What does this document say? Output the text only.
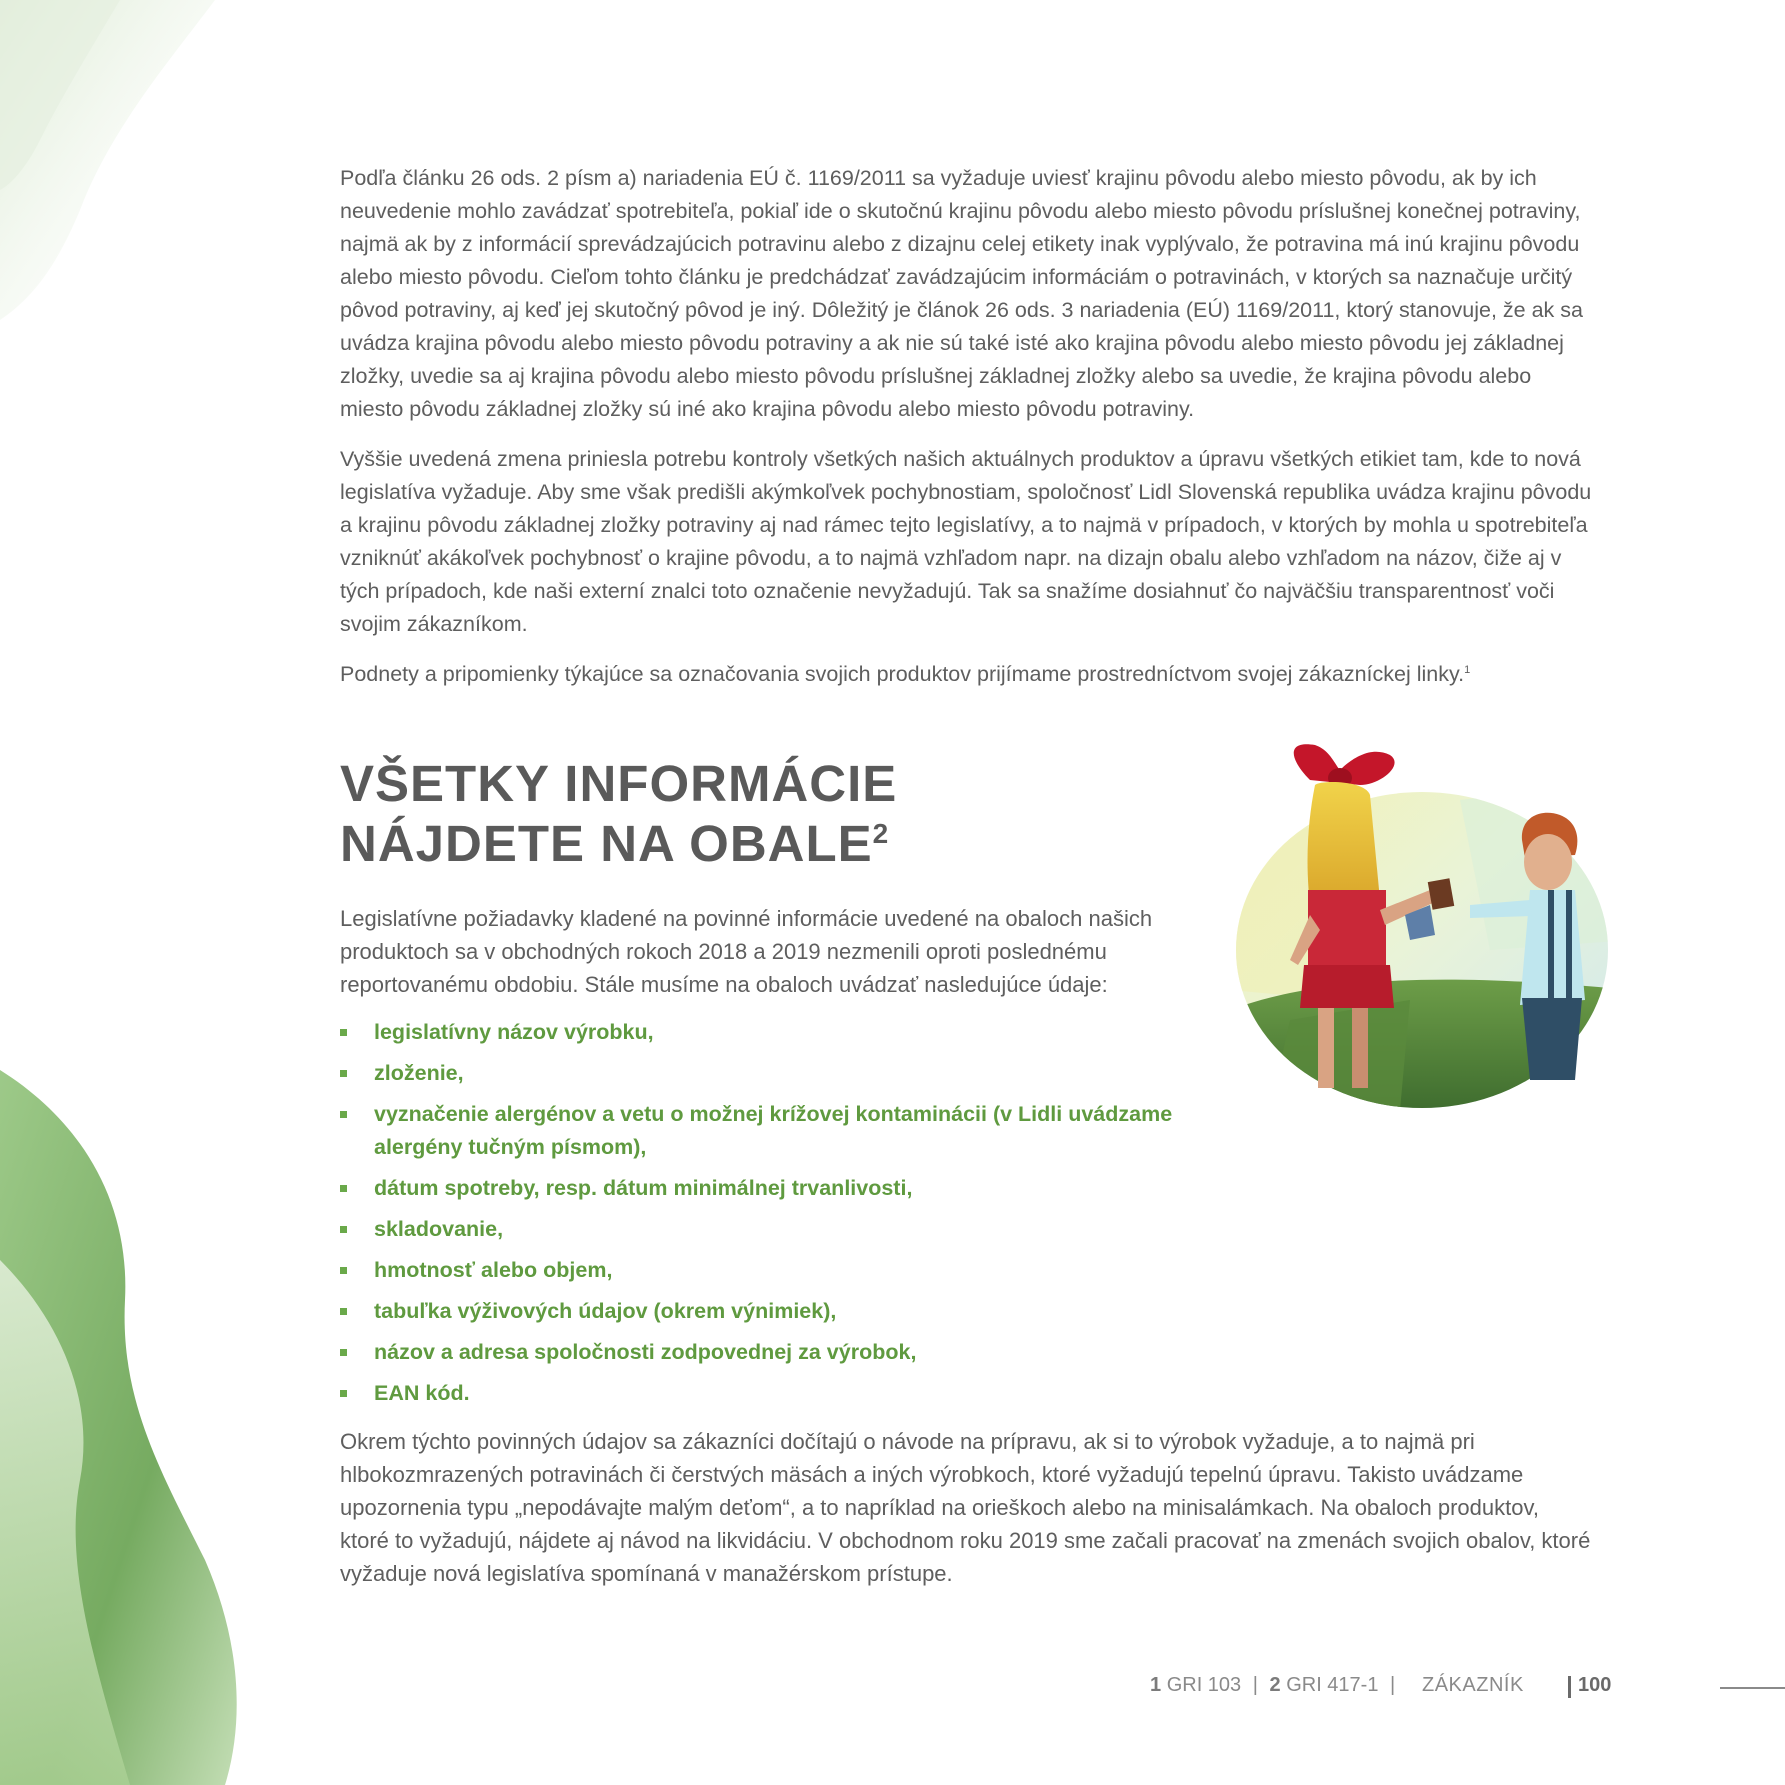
Podľa článku 26 ods. 2 písm a) nariadenia EÚ č. 1169/2011 sa vyžaduje uviesť krajinu pôvodu alebo miesto pôvodu, ak by ich neuvedenie mohlo zavádzať spotrebiteľa, pokiaľ ide o skutočnú krajinu pôvodu alebo miesto pôvodu príslušnej konečnej potraviny, najmä ak by z informácií sprevádzajúcich potravinu alebo z dizajnu celej etikety inak vyplývalo, že potravina má inú krajinu pôvodu alebo miesto pôvodu. Cieľom tohto článku je predchádzať zavádzajúcim informáciám o potravinách, v ktorých sa naznačuje určitý pôvod potraviny, aj keď jej skutočný pôvod je iný. Dôležitý je článok 26 ods. 3 nariadenia (EÚ) 1169/2011, ktorý stanovuje, že ak sa uvádza krajina pôvodu alebo miesto pôvodu potraviny a ak nie sú také isté ako krajina pôvodu alebo miesto pôvodu jej základnej zložky, uvedie sa aj krajina pôvodu alebo miesto pôvodu príslušnej základnej zložky alebo sa uvedie, že krajina pôvodu alebo miesto pôvodu základnej zložky sú iné ako krajina pôvodu alebo miesto pôvodu potraviny.

Vyššie uvedená zmena priniesla potrebu kontroly všetkých našich aktuálnych produktov a úpravu všetkých etikiet tam, kde to nová legislatíva vyžaduje. Aby sme však predišli akýmkoľvek pochybnostiam, spoločnosť Lidl Slovenská republika uvádza krajinu pôvodu a krajinu pôvodu základnej zložky potraviny aj nad rámec tejto legislatívy, a to najmä v prípadoch, v ktorých by mohla u spotrebiteľa vzniknúť akákoľvek pochybnosť o krajine pôvodu, a to najmä vzhľadom napr. na dizajn obalu alebo vzhľadom na názov, čiže aj v tých prípadoch, kde naši externí znalci toto označenie nevyžadujú. Tak sa snažíme dosiahnuť čo najväčšiu transparentnosť voči svojim zákazníkom.

Podnety a pripomienky týkajúce sa označovania svojich produktov prijímame prostredníctvom svojej zákazníckej linky.$^1$

VŠETKY INFORMÁCIE
NÁJDETE NA OBALE$^2$

Legislatívne požiadavky kladené na povinné informácie uvedené na obaloch našich produktoch sa v obchodných rokoch 2018 a 2019 nezmenili oproti poslednému reportovanému obdobiu. Stále musíme na obaloch uvádzať nasledujúce údaje:

legislatívny názov výrobku,
zloženie,
vyznačenie alergénov a vetu o možnej krížovej kontaminácii (v Lidli uvádzame alergény tučným písmom),
dátum spotreby, resp. dátum minimálnej trvanlivosti,
skladovanie,
hmotnosť alebo objem,
tabuľka výživových údajov (okrem výnimiek),
názov a adresa spoločnosti zodpovednej za výrobok,
EAN kód.

Okrem týchto povinných údajov sa zákazníci dočítajú o návode na prípravu, ak si to výrobok vyžaduje, a to najmä pri hlbokozmrazených potravinách či čerstvých mäsách a iných výrobkoch, ktoré vyžadujú tepelnú úpravu. Takisto uvádzame upozornenia typu „nepodávajte malým deťom“, a to napríklad na orieškoch alebo na minisalámkach. Na obaloch produktov, ktoré to vyžadujú, nájdete aj návod na likvidáciu. V obchodnom roku 2019 sme začali pracovať na zmenách svojich obalov, ktoré vyžaduje nová legislatíva spomínaná v manažérskom prístupe.

1 GRI 103 | 2 GRI 417-1 | ZÁKAZNÍK	100
